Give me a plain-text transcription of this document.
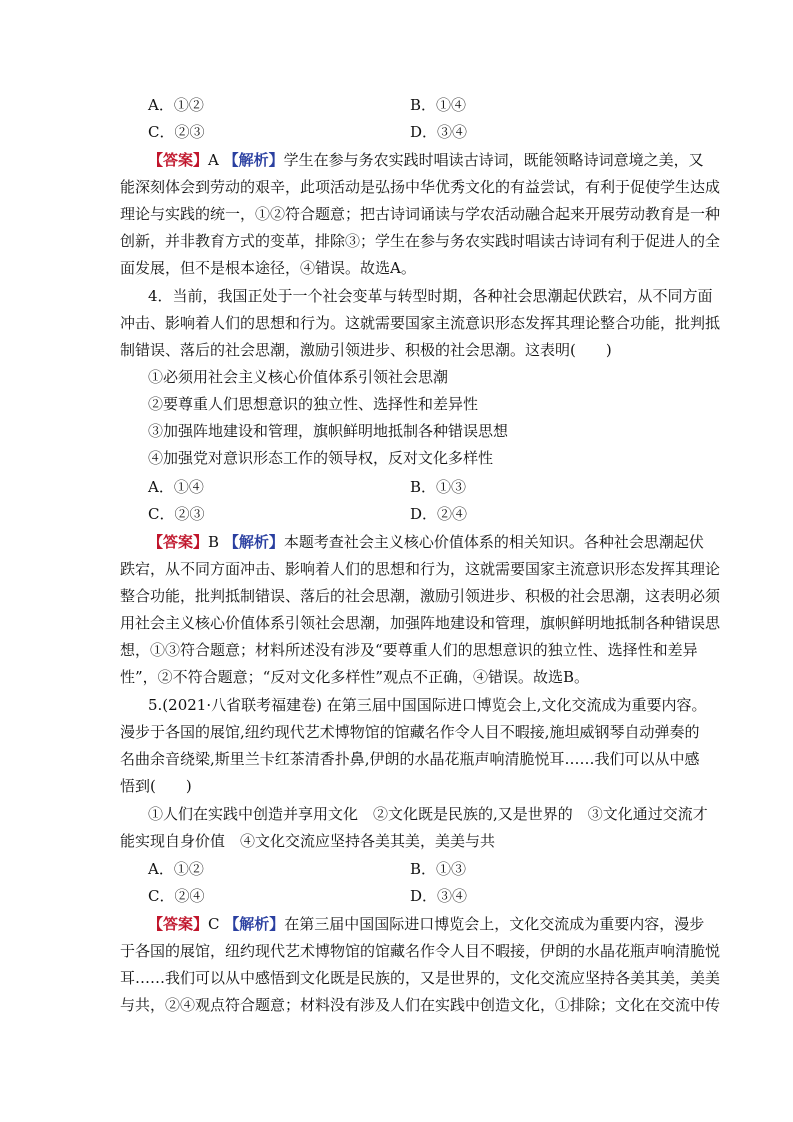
A．①②	B．①④
C．②③	D．③④
【答案】A 【解析】学生在参与务农实践时唱读古诗词，既能领略诗词意境之美，又
能深刻体会到劳动的艰辛，此项活动是弘扬中华优秀文化的有益尝试，有利于促使学生达成
理论与实践的统一，①②符合题意；把古诗词诵读与学农活动融合起来开展劳动教育是一种
创新，并非教育方式的变革，排除③；学生在参与务农实践时唱读古诗词有利于促进人的全
面发展，但不是根本途径，④错误。故选A。
4．当前，我国正处于一个社会变革与转型时期，各种社会思潮起伏跌宕，从不同方面
冲击、影响着人们的思想和行为。这就需要国家主流意识形态发挥其理论整合功能，批判抵
制错误、落后的社会思潮，激励引领进步、积极的社会思潮。这表明(　　)
①必须用社会主义核心价值体系引领社会思潮
②要尊重人们思想意识的独立性、选择性和差异性
③加强阵地建设和管理，旗帜鲜明地抵制各种错误思想
④加强党对意识形态工作的领导权，反对文化多样性
A．①④	B．①③
C．②③	D．②④
【答案】B 【解析】本题考查社会主义核心价值体系的相关知识。各种社会思潮起伏
跌宕，从不同方面冲击、影响着人们的思想和行为，这就需要国家主流意识形态发挥其理论
整合功能，批判抵制错误、落后的社会思潮，激励引领进步、积极的社会思潮，这表明必须
用社会主义核心价值体系引领社会思潮，加强阵地建设和管理，旗帜鲜明地抵制各种错误思
想，①③符合题意；材料所述没有涉及“要尊重人们的思想意识的独立性、选择性和差异
性”，②不符合题意；“反对文化多样性”观点不正确，④错误。故选B。
5.(2021·八省联考福建卷) 在第三届中国国际进口博览会上,文化交流成为重要内容。
漫步于各国的展馆,纽约现代艺术博物馆的馆藏名作令人目不暇接,施坦威钢琴自动弹奏的
名曲余音绕梁,斯里兰卡红茶清香扑鼻,伊朗的水晶花瓶声响清脆悦耳……我们可以从中感
悟到(　　)
①人们在实践中创造并享用文化　②文化既是民族的,又是世界的　③文化通过交流才
能实现自身价值　④文化交流应坚持各美其美，美美与共
A．①②	B．①③
C．②④	D．③④
【答案】C 【解析】在第三届中国国际进口博览会上，文化交流成为重要内容，漫步
于各国的展馆，纽约现代艺术博物馆的馆藏名作令人目不暇接，伊朗的水晶花瓶声响清脆悦
耳……我们可以从中感悟到文化既是民族的，又是世界的，文化交流应坚持各美其美，美美
与共，②④观点符合题意；材料没有涉及人们在实践中创造文化，①排除；文化在交流中传
